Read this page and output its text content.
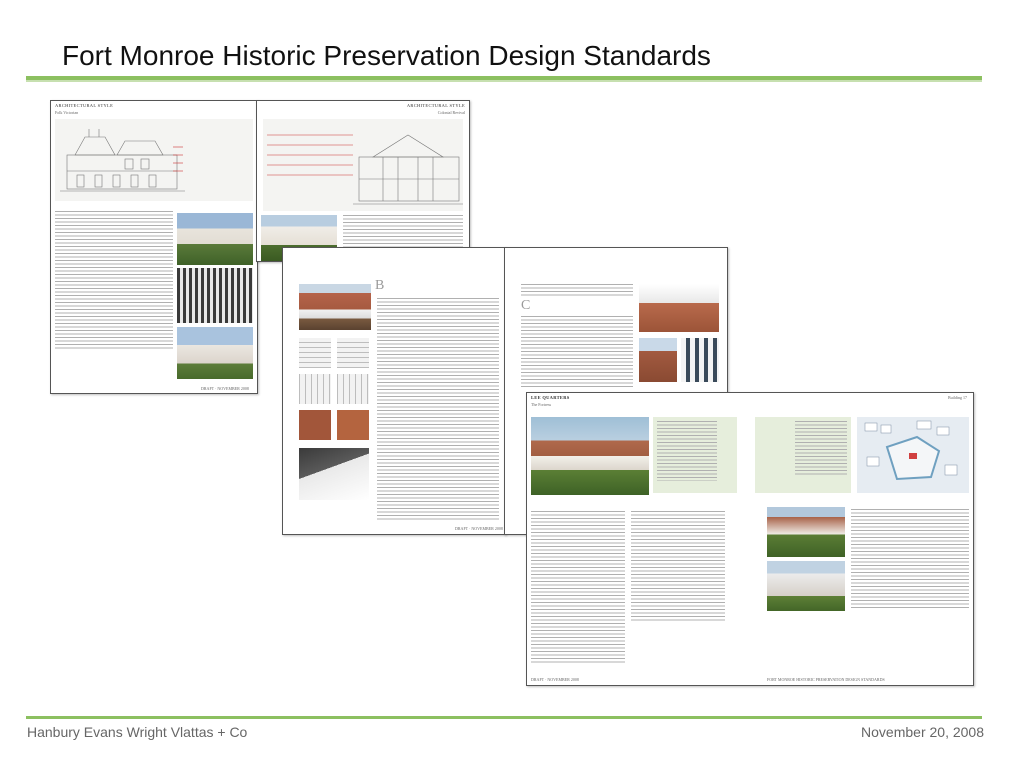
Fort Monroe Historic Preservation Design Standards
ARCHITECTURAL STYLE
Folk Victorian
DRAFT · NOVEMBER 2008
ARCHITECTURAL STYLE
Colonial Revival
B
DRAFT · NOVEMBER 2008
C
LEE QUARTERS
The Fortress
Building 17
DRAFT · NOVEMBER 2008	FORT MONROE HISTORIC PRESERVATION DESIGN STANDARDS
Hanbury Evans Wright Vlattas + Co	November 20, 2008
